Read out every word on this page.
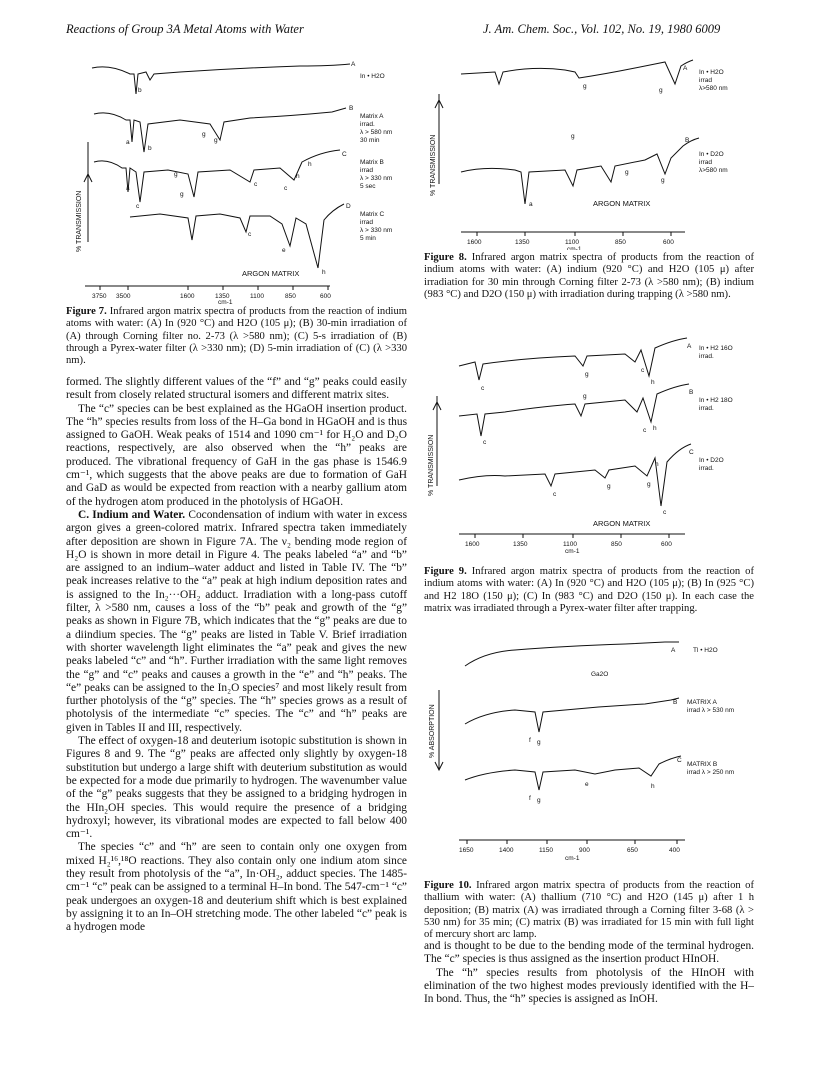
Reactions of Group 3A Metal Atoms with Water	J. Am. Chem. Soc., Vol. 102, No. 19, 1980 6009
A
In • H2O
B
Matrix A
irrad.
λ > 580 nm
30 min
C
Matrix B
irrad
λ > 330 nm
5 sec
D
Matrix C
irrad
λ > 330 nm
5 min
b
a
b
g
a
g
g
c
h
c
g
c
h
c
e
h
ARGON MATRIX
3750 3500	1600	1350	1100	850	600
cm-1
% TRANSMISSION
Figure 7. Infrared argon matrix spectra of products from the reaction of indium atoms with water: (A) In (920 °C) and H2O (105 μ); (B) 30-min irradiation of (A) through Corning filter no. 2-73 (λ >580 nm); (C) 5-s irradiation of (B) through a Pyrex-water filter (λ >330 nm); (D) 5-min irradiation of (C) (λ >330 nm).

formed. The slightly different values of the “f” and “g” peaks could easily result from closely related structural isomers and different matrix sites.

The “c” species can be best explained as the HGaOH insertion product. The “h” species results from loss of the H–Ga bond in HGaOH and is thus assigned to GaOH. Weak peaks of 1514 and 1090 cm⁻¹ for H₂O and D₂O reactions, respectively, are also observed when the “h” peaks are produced. The vibrational frequency of GaH in the gas phase is 1546.9 cm⁻¹, which suggests that the above peaks are due to formation of GaH and GaD as would be expected from reaction with a nearby gallium atom of the hydrogen atom produced in the photolysis of HGaOH.

C. Indium and Water. Cocondensation of indium with water in excess argon gives a green-colored matrix. Infrared spectra taken immediately after deposition are shown in Figure 7A. The ν₂ bending mode region of H₂O is shown in more detail in Figure 4. The peaks labeled “a” and “b” are assigned to an indium–water adduct and listed in Table IV. The “b” peak increases relative to the “a” peak at high indium deposition rates and is assigned to the In₂···OH₂ adduct. Irradiation with a long-pass cutoff filter, λ >580 nm, causes a loss of the “b” peak and growth of the “g” peaks as shown in Figure 7B, which indicates that the “g” peaks are due to a diindium species. The “g” peaks are listed in Table V. Brief irradiation with shorter wavelength light eliminates the “a” peak and gives the new peaks labeled “c” and “h”. Further irradiation with the same light removes the “g” and “c” peaks and causes a growth in the “e” and “h” peaks. The “e” peaks can be assigned to the In₂O species⁷ and most likely result from further photolysis of the “g” species. The “h” species grows as a result of photolysis of the intermediate “c” species. The “c” and “h” peaks are given in Tables II and III, respectively.

The effect of oxygen-18 and deuterium isotopic substitution is shown in Figures 8 and 9. The “g” peaks are affected only slightly by oxygen-18 substitution but undergo a large shift with deuterium substitution as would be expected for a mode due primarily to hydrogen. The wavenumber value of the “g” peaks suggests that they be assigned to a bridging hydrogen in the HIn₂OH species. This would require the presence of a bridging hydroxyl; however, its vibrational modes are expected to fall below 400 cm⁻¹.

The species “c” and “h” are seen to contain only one oxygen from mixed H₂¹⁶,¹⁸O reactions. They also contain only one indium atom since they result from photolysis of the “a”, In·OH₂, adduct species. The 1485-cm⁻¹ “c” peak can be assigned to a terminal H–In bond. The 547-cm⁻¹ “c” peak undergoes an oxygen-18 and deuterium shift which is best explained by assigning it to an In–OH stretching mode. The other labeled “c” peak is a hydrogen mode

A
In • H2O
irrad
λ>580 nm
B
In • D2O
irrad
λ>580 nm
g
g
g
g
g
a	ARGON MATRIX
1600	1350	1100	850	600
cm-1
% TRANSMISSION
Figure 8. Infrared argon matrix spectra of products from the reaction of indium atoms with water: (A) indium (920 °C) and H2O (105 μ) after irradiation for 30 min through Corning filter 2-73 (λ >580 nm); (B) indium (983 °C) and D2O (150 μ) with irradiation during trapping (λ >580 nm).
A In • H2 16O
irrad.
B
In • H2 18O
irrad.
C
In • D2O
irrad.
c
g
c
h
c
g
c h
c
g	g
h
c
ARGON MATRIX
1600	1350	1100	850	600
cm-1
% TRANSMISSION
Figure 9. Infrared argon matrix spectra of products from the reaction of indium atoms with water: (A) In (920 °C) and H2O (105 μ); (B) In (925 °C) and H2 18O (150 μ); (C) In (983 °C) and D2O (150 μ). In each case the matrix was irradiated through a Pyrex-water filter after trapping.
A	Tl • H2O
B MATRIX A
irrad λ > 530 nm
C
MATRIX B
irrad λ > 250 nm
Ga2O
f g
f g
e	h
1650	1400	1150	900	650	400
cm-1
% ABSORPTION
Figure 10. Infrared argon matrix spectra of products from the reaction of thallium with water: (A) thallium (710 °C) and H2O (145 μ) after 1 h deposition; (B) matrix (A) was irradiated through a Corning filter 3-68 (λ > 530 nm) for 35 min; (C) matrix (B) was irradiated for 15 min with full light of mercury short arc lamp.

and is thought to be due to the bending mode of the terminal hydrogen. The “c” species is thus assigned as the insertion product HInOH.

The “h” species results from photolysis of the HInOH with elimination of the two highest modes previously identified with the H–In bond. Thus, the “h” species is assigned as InOH.
